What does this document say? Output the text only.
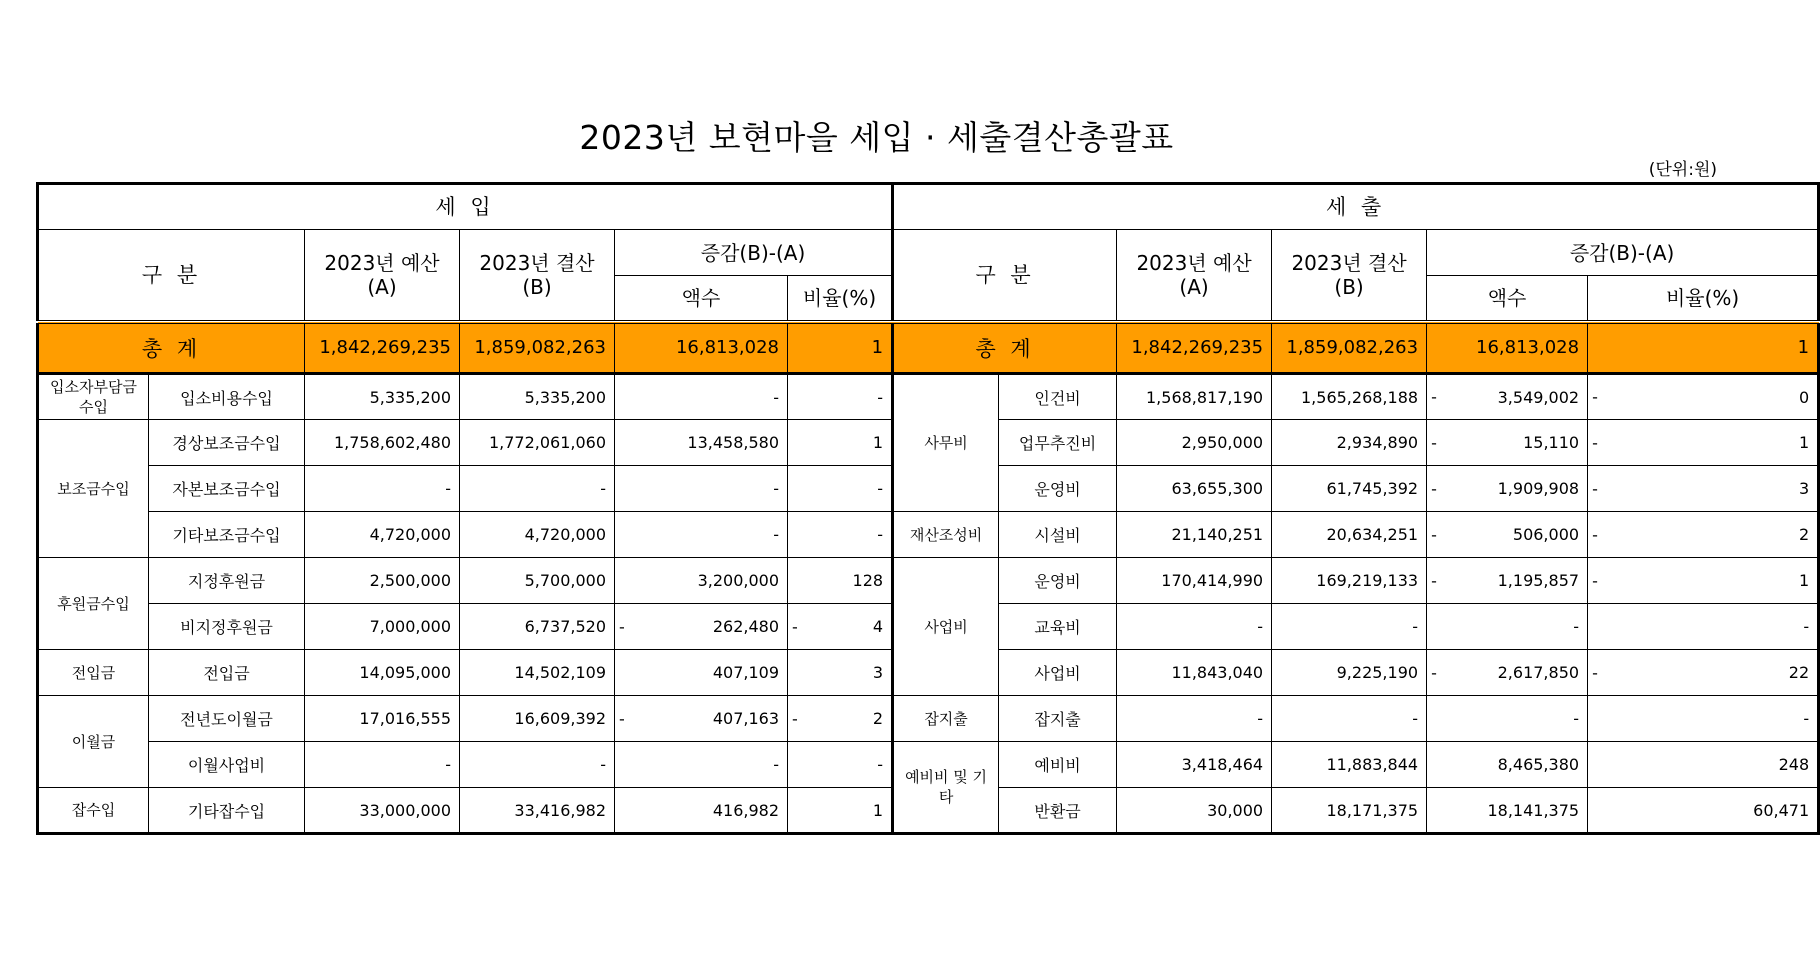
2023년 보현마을 세입 · 세출결산총괄표
(단위:원)
세 입						세 출					
구 분		2023년 예산 (A)	2023년 결산 (B)	증감(B)-(A)		구 분		2023년 예산 (A)	2023년 결산 (B)	증감(B)-(A)	
				액수	비율(%)					액수	비율(%)
총 계		1,842,269,235	1,859,082,263	16,813,028	1	총 계		1,842,269,235	1,859,082,263	16,813,028	1
입소자부담금수입	입소비용수입	5,335,200	5,335,200	-	-	사무비	인건비	1,568,817,190	1,565,268,188	- 3,549,002	- 0
보조금수입	경상보조금수입	1,758,602,480	1,772,061,060	13,458,580	1		업무추진비	2,950,000	2,934,890	- 15,110	- 1
	자본보조금수입	-	-	-	-		운영비	63,655,300	61,745,392	- 1,909,908	- 3
	기타보조금수입	4,720,000	4,720,000	-	-	재산조성비	시설비	21,140,251	20,634,251	- 506,000	- 2
후원금수입	지정후원금	2,500,000	5,700,000	3,200,000	128	사업비	운영비	170,414,990	169,219,133	- 1,195,857	- 1
	비지정후원금	7,000,000	6,737,520	- 262,480	- 4		교육비	-	-	-	-
전입금	전입금	14,095,000	14,502,109	407,109	3		사업비	11,843,040	9,225,190	- 2,617,850	- 22
이월금	전년도이월금	17,016,555	16,609,392	- 407,163	- 2	잡지출	잡지출	-	-	-	-
	이월사업비	-	-	-	-	예비비 및 기타	예비비	3,418,464	11,883,844	8,465,380	248
잡수입	기타잡수입	33,000,000	33,416,982	416,982	1		반환금	30,000	18,171,375	18,141,375	60,471
